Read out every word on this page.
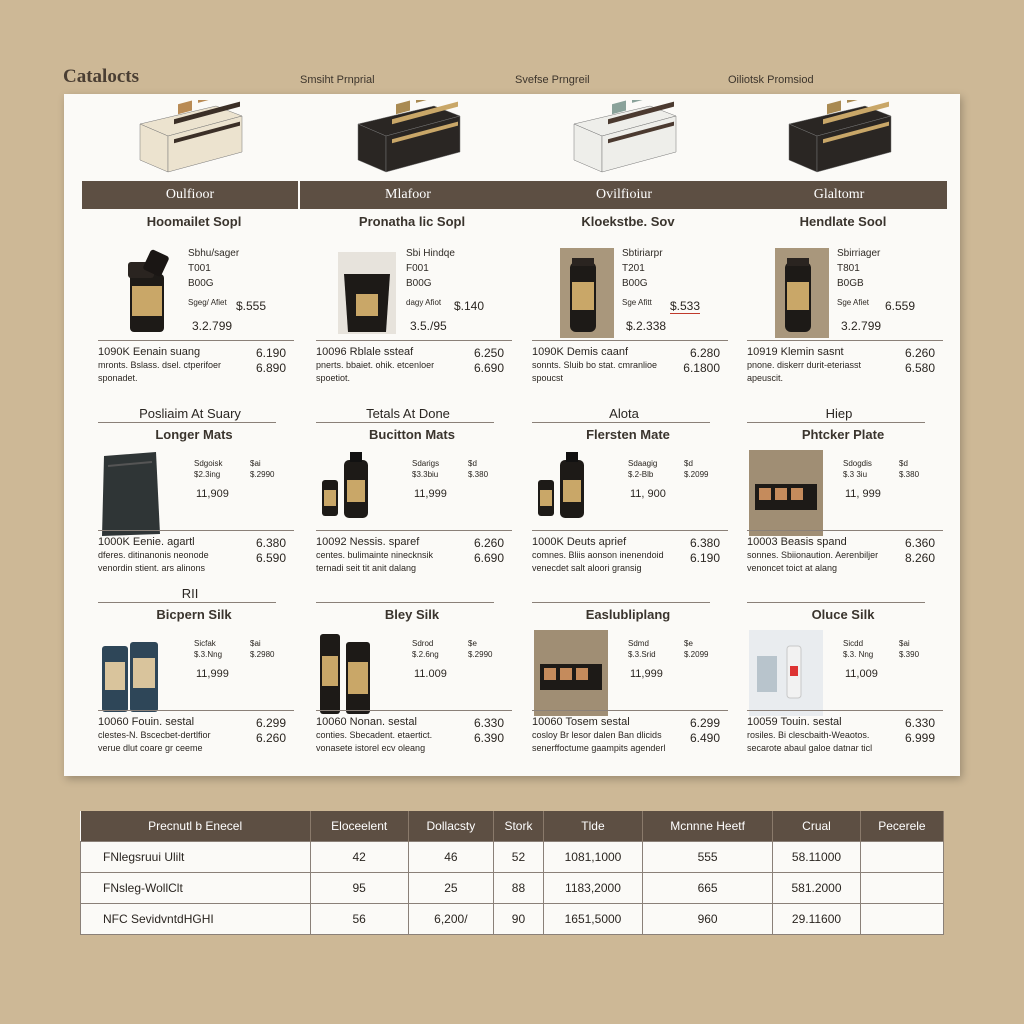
Catalocts	Smsiht Prnprial	Svefse Prngreil	Oiliotsk Promsiod
Oulfioor
Hoomailet Sopl
Sbhu/sager
T001
B00G
Sgeg/ Afiet $.555
3.2.799
1090K Eenain suang
mronts. Bslass. dsel. ctperifoer
sponadet.
6.190
6.890
Posliaim At Suary
Longer Mats
Sdgoisk
$2.3ing
$ai
$.2990
11,909
1000K Eenie. agartl
dferes. ditinanonis neonode
venordin stient. ars alinons
6.380
6.590
RII
Bicpern Silk
Sicfak
$.3.Nng
$ai
$.2980
11,999
10060 Fouin. sestal
clestes-N. Bscecbet-dertlfior
verue dlut coare gr ceeme
6.299
6.260
Mlafoor
Pronatha lic Sopl
Sbi Hindqe
F001
B00G
dagy Afiot	$.140
3.5./95
10096 Rblale ssteaf
pnerts. bbaiet. ohik. etcenloer
spoetiot.
6.250
6.690
Tetals At Done
Bucitton Mats
Sdarigs
$3.3biu
$d
$.380
11,999
10092 Nessis. sparef
centes. bulimainte ninecknsik
ternadi seit tit anit dalang
6.260
6.690
Bley Silk
Sdrod
$.2.6ng
$e
$.2990
11.009
10060 Nonan. sestal
conties. Sbecadent. etaertict.
vonasete istorel ecv oleang
6.330
6.390
Ovilfioiur
Kloekstbe. Sov
Sbtiriarpr
T201
B00G
Sge Afitt	$.533
$.2.338
1090K Demis caanf
sonnts. Sluib bo stat. cmranlioe
spoucst
6.280
6.1800
Alota
Flersten Mate
Sdaagig
$.2-Blb
$d
$.2099
11, 900
1000K Deuts aprief
comnes. Bliis aonson inenendoid
venecdet salt aloori gransig
6.380
6.190
Easlubliplang
Sdmd
$.3.Srid
$e
$.2099
11,999
10060 Tosem sestal
cosloy Br lesor dalen Ban dlicids
senerffoctume gaampits agenderl
6.299
6.490
Glaltomr
Hendlate Sool
Sbirriager
T801
B0GB
Sge Afiet	6.559
3.2.799
10919 Klemin sasnt
pnone. diskerr durit-eteriasst
apeuscit.
6.260
6.580
Hiep
Phtcker Plate
Sdogdis
$.3 3iu
$d
$.380
11, 999
10003 Beasis spand
sonnes. Sbiionaution. Aerenbiljer
venoncet toict at alang
6.360
8.260
Oluce Silk
Sicdd
$.3. Nng
$ai
$.390
11,009
10059 Touin. sestal
rosiles. Bi clescbaith-Weaotos.
secarote abaul galoe datnar ticl
6.330
6.999
Precnutl b Enecel	Eloceelent	Dollacsty	Stork	Tlde	Mcnnne Heetf	Crual	Pecerele
FNlegsruui Ulilt	42	46	52	1081,1000	555	58.11000	
FNsleg-WollClt	95	25	88	1183,2000	665	581.2000	
NFC SevidvntdHGHI	56	6,200/	90	1651,5000	960	29.11600	
